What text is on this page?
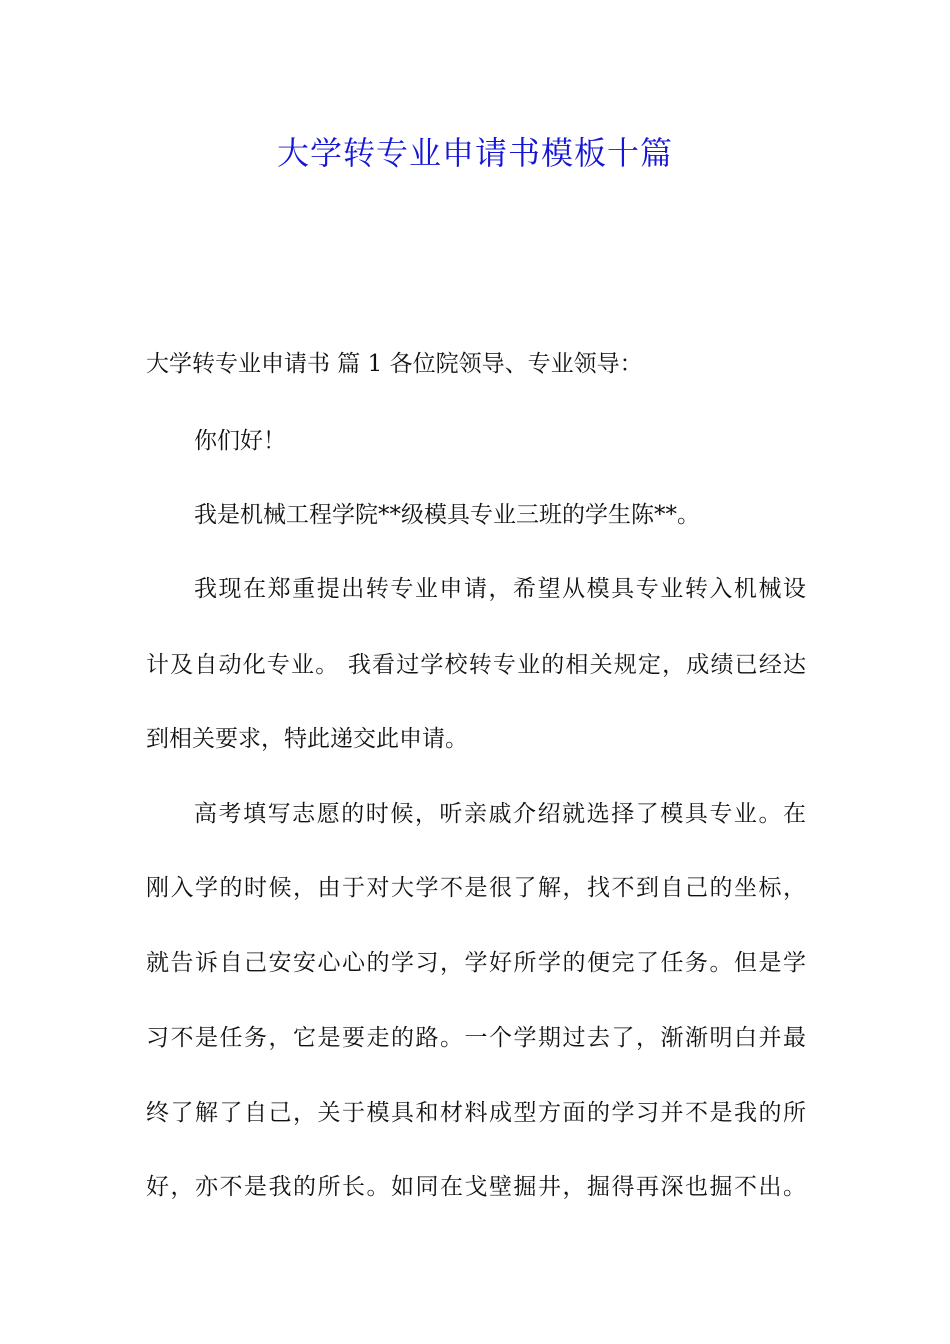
大学转专业申请书模板十篇
大学转专业申请书 篇 1 各位院领导、专业领导：
你们好！
我是机械工程学院**级模具专业三班的学生陈**。
我现在郑重提出转专业申请，希望从模具专业转入机械设
计及自动化专业。 我看过学校转专业的相关规定，成绩已经达
到相关要求，特此递交此申请。
高考填写志愿的时候，听亲戚介绍就选择了模具专业。在
刚入学的时候，由于对大学不是很了解，找不到自己的坐标，
就告诉自己安安心心的学习，学好所学的便完了任务。但是学
习不是任务，它是要走的路。一个学期过去了，渐渐明白并最
终了解了自己，关于模具和材料成型方面的学习并不是我的所
好，亦不是我的所长。如同在戈壁掘井，掘得再深也掘不出。
